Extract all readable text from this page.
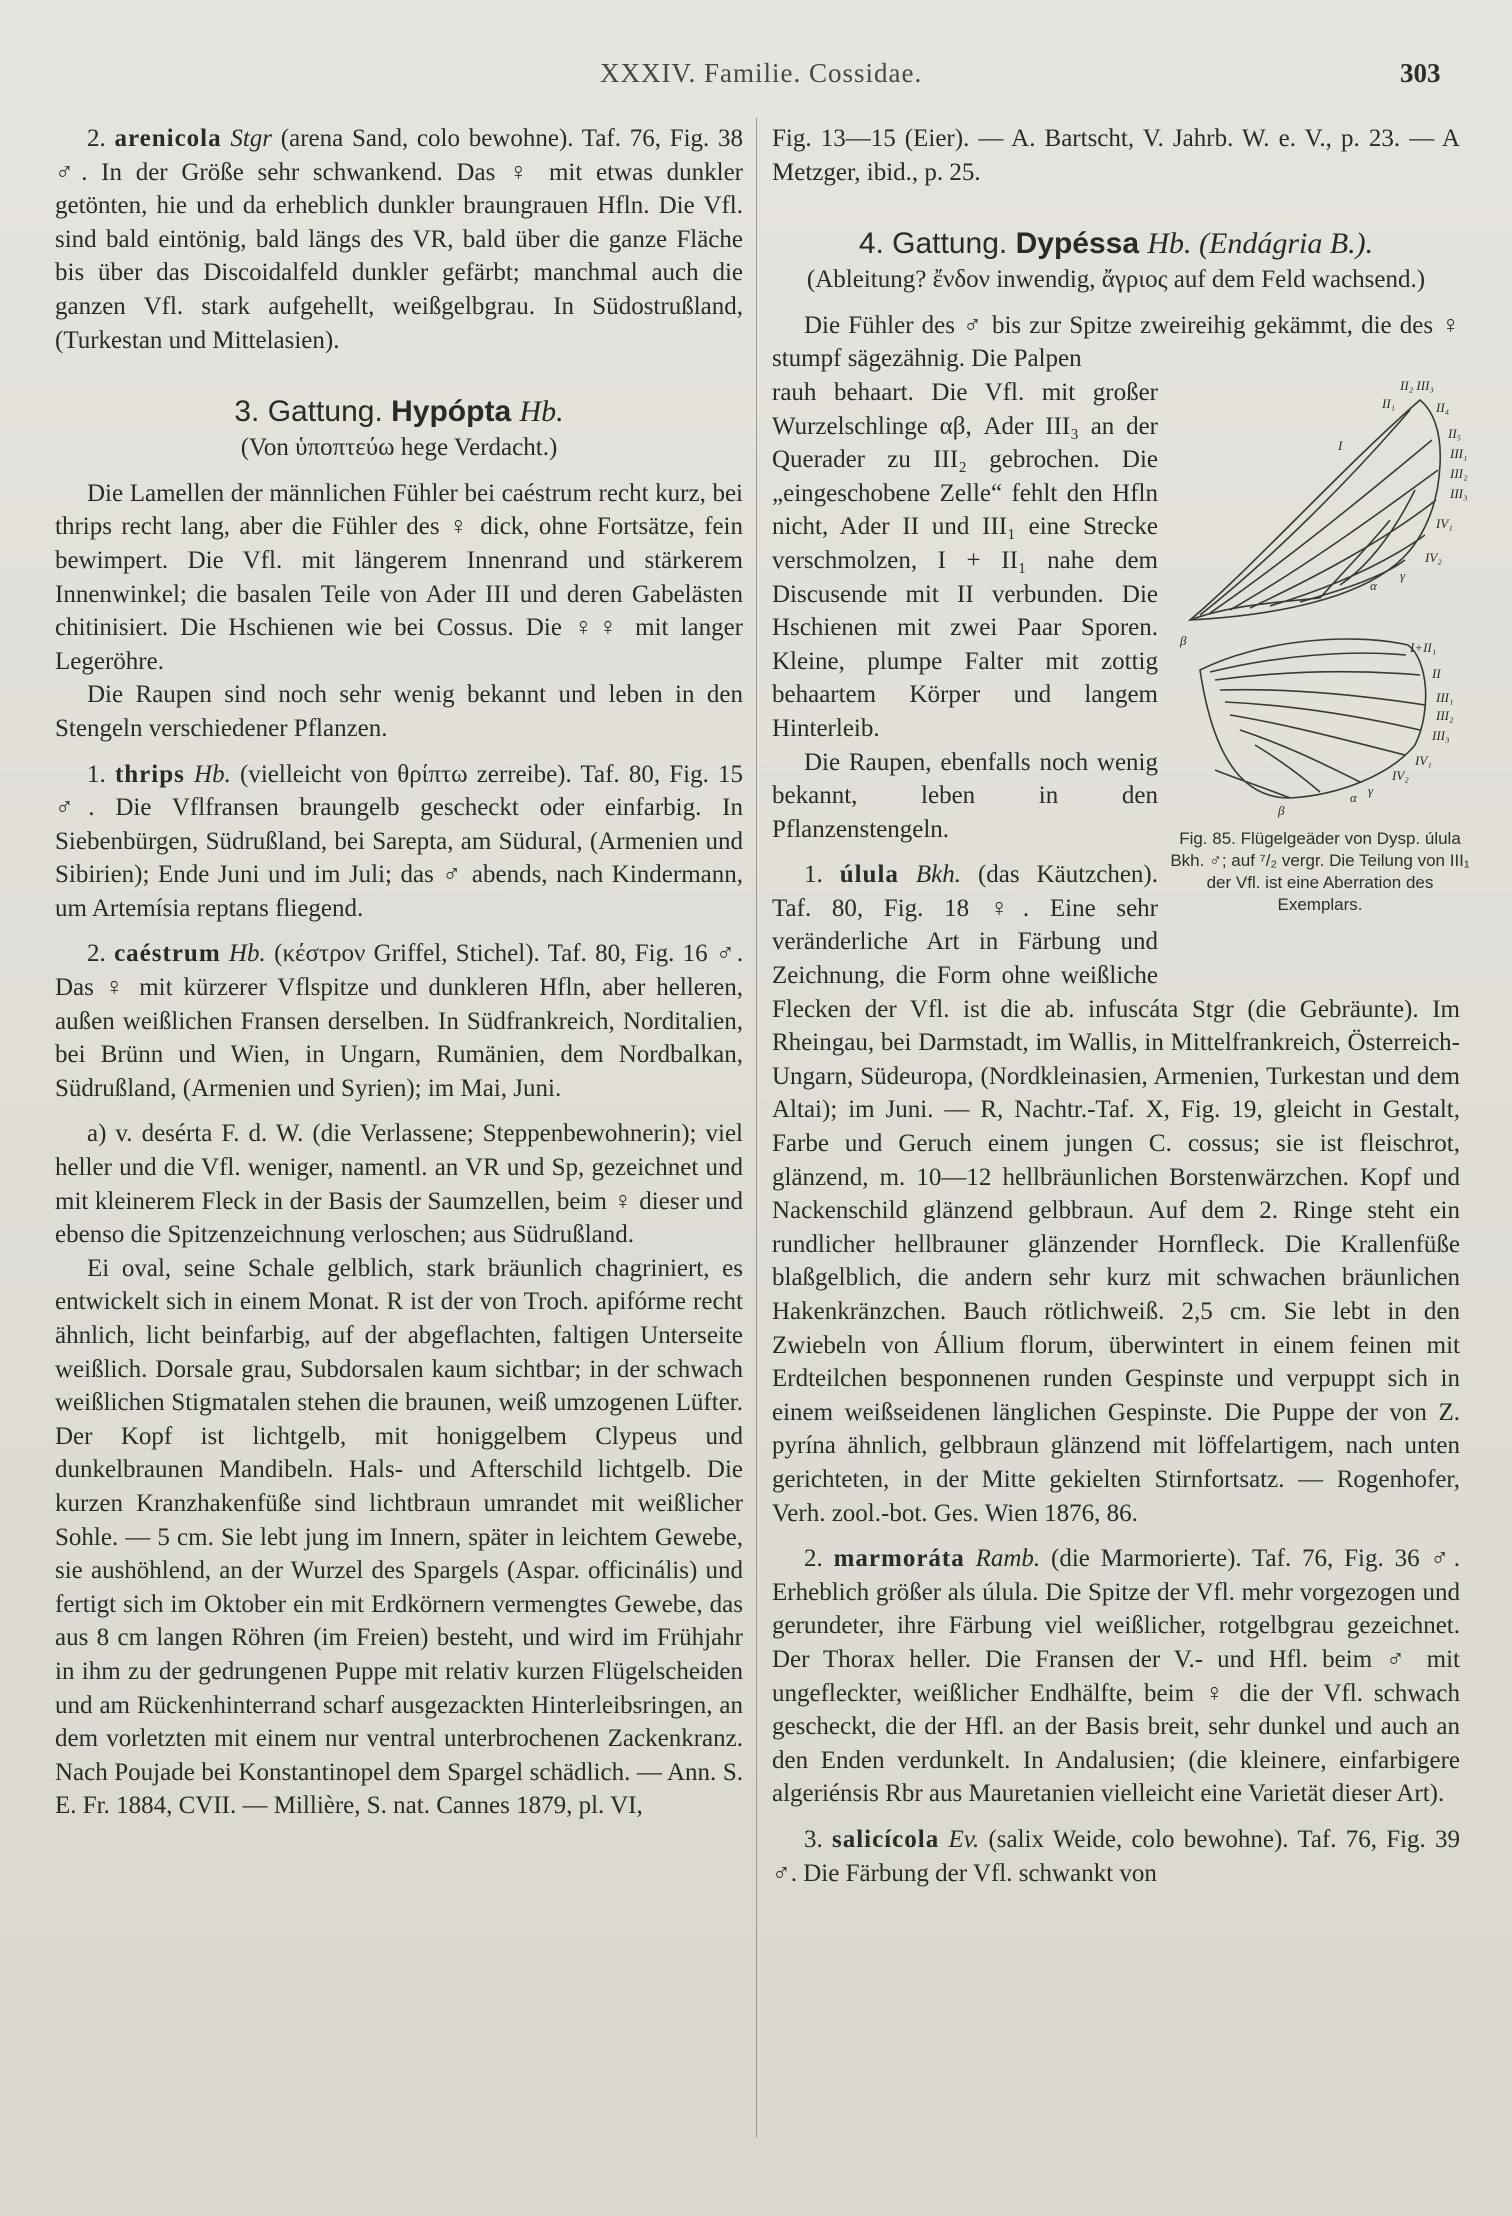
XXXIV. Familie. Cossidae.	303

2. arenicola Stgr (arena Sand, colo bewohne). Taf. 76, Fig. 38 ♂. In der Größe sehr schwankend. Das ♀ mit etwas dunkler getönten, hie und da erheblich dunkler braungrauen Hfln. Die Vfl. sind bald eintönig, bald längs des VR, bald über die ganze Fläche bis über das Discoidalfeld dunkler gefärbt; manchmal auch die ganzen Vfl. stark aufgehellt, weißgelbgrau. In Südostrußland, (Turkestan und Mittelasien).

3. Gattung. Hypópta Hb.

(Von ὑποπτεύω hege Verdacht.)

Die Lamellen der männlichen Fühler bei caéstrum recht kurz, bei thrips recht lang, aber die Fühler des ♀ dick, ohne Fortsätze, fein bewimpert. Die Vfl. mit längerem Innenrand und stärkerem Innenwinkel; die basalen Teile von Ader III und deren Gabelästen chitinisiert. Die Hschienen wie bei Cossus. Die ♀♀ mit langer Legeröhre.

Die Raupen sind noch sehr wenig bekannt und leben in den Stengeln verschiedener Pflanzen.

1. thrips Hb. (vielleicht von θρίπτω zerreibe). Taf. 80, Fig. 15 ♂. Die Vflfransen braungelb gescheckt oder einfarbig. In Siebenbürgen, Südrußland, bei Sarepta, am Südural, (Armenien und Sibirien); Ende Juni und im Juli; das ♂ abends, nach Kindermann, um Artemísia reptans fliegend.

2. caéstrum Hb. (κέστρον Griffel, Stichel). Taf. 80, Fig. 16 ♂. Das ♀ mit kürzerer Vflspitze und dunkleren Hfln, aber helleren, außen weißlichen Fransen derselben. In Südfrankreich, Norditalien, bei Brünn und Wien, in Ungarn, Rumänien, dem Nordbalkan, Südrußland, (Armenien und Syrien); im Mai, Juni.

a) v. desérta F. d. W. (die Verlassene; Steppenbewohnerin); viel heller und die Vfl. weniger, namentl. an VR und Sp, gezeichnet und mit kleinerem Fleck in der Basis der Saumzellen, beim ♀ dieser und ebenso die Spitzenzeichnung verloschen; aus Südrußland.

Ei oval, seine Schale gelblich, stark bräunlich chagriniert, es entwickelt sich in einem Monat. R ist der von Troch. apifórme recht ähnlich, licht beinfarbig, auf der abgeflachten, faltigen Unterseite weißlich. Dorsale grau, Subdorsalen kaum sichtbar; in der schwach weißlichen Stigmatalen stehen die braunen, weiß umzogenen Lüfter. Der Kopf ist lichtgelb, mit honiggelbem Clypeus und dunkelbraunen Mandibeln. Hals- und Afterschild lichtgelb. Die kurzen Kranzhakenfüße sind lichtbraun umrandet mit weißlicher Sohle. — 5 cm. Sie lebt jung im Innern, später in leichtem Gewebe, sie aushöhlend, an der Wurzel des Spargels (Aspar. officinális) und fertigt sich im Oktober ein mit Erdkörnern vermengtes Gewebe, das aus 8 cm langen Röhren (im Freien) besteht, und wird im Frühjahr in ihm zu der gedrungenen Puppe mit relativ kurzen Flügelscheiden und am Rückenhinterrand scharf ausgezackten Hinterleibsringen, an dem vorletzten mit einem nur ventral unterbrochenen Zackenkranz. Nach Poujade bei Konstantinopel dem Spargel schädlich. — Ann. S. E. Fr. 1884, CVII. — Millière, S. nat. Cannes 1879, pl. VI,

Fig. 13—15 (Eier). — A. Bartscht, V. Jahrb. W. e. V., p. 23. — A Metzger, ibid., p. 25.

4. Gattung. Dypéssa Hb. (Endágria B.).

(Ableitung? ἔνδον inwendig, ἄγριος auf dem Feld wachsend.)

Die Fühler des ♂ bis zur Spitze zweireihig gekämmt, die des ♀ stumpf sägezähnig. Die Palpen

II₂ III₃
II₄
II₅
III₁
III₂
III₃
IV₁
IV₂
II₁
I
γ
α
β	I+II₁
II
III₁
III₂
III₃
IV₁
IV₂
α γ
β
Fig. 85. Flügelgeäder von Dysp. úlula Bkh. ♂; auf ⁷/₂ vergr. Die Teilung von III₁ der Vfl. ist eine Aberration des Exemplars.

rauh behaart. Die Vfl. mit großer Wurzelschlinge αβ, Ader III₃ an der Querader zu III₂ gebrochen. Die „eingeschobene Zelle“ fehlt den Hfln nicht, Ader II und III₁ eine Strecke verschmolzen, I + II₁ nahe dem Discusende mit II verbunden. Die Hschienen mit zwei Paar Sporen. Kleine, plumpe Falter mit zottig behaartem Körper und langem Hinterleib.

Die Raupen, ebenfalls noch wenig bekannt, leben in den Pflanzenstengeln.

1. úlula Bkh. (das Käutzchen). Taf. 80, Fig. 18 ♀. Eine sehr veränderliche Art in Färbung und Zeichnung, die Form ohne weißliche Flecken der Vfl. ist die ab. infuscáta Stgr (die Gebräunte). Im Rheingau, bei Darmstadt, im Wallis, in Mittelfrankreich, Österreich-Ungarn, Südeuropa, (Nordkleinasien, Armenien, Turkestan und dem Altai); im Juni. — R, Nachtr.-Taf. X, Fig. 19, gleicht in Gestalt, Farbe und Geruch einem jungen C. cossus; sie ist fleischrot, glänzend, m. 10—12 hellbräunlichen Borstenwärzchen. Kopf und Nackenschild glänzend gelbbraun. Auf dem 2. Ringe steht ein rundlicher hellbrauner glänzender Hornfleck. Die Krallenfüße blaßgelblich, die andern sehr kurz mit schwachen bräunlichen Hakenkränzchen. Bauch rötlichweiß. 2,5 cm. Sie lebt in den Zwiebeln von Állium florum, überwintert in einem feinen mit Erdteilchen besponnenen runden Gespinste und verpuppt sich in einem weißseidenen länglichen Gespinste. Die Puppe der von Z. pyrína ähnlich, gelbbraun glänzend mit löffelartigem, nach unten gerichteten, in der Mitte gekielten Stirnfortsatz. — Rogenhofer, Verh. zool.-bot. Ges. Wien 1876, 86.

2. marmoráta Ramb. (die Marmorierte). Taf. 76, Fig. 36 ♂. Erheblich größer als úlula. Die Spitze der Vfl. mehr vorgezogen und gerundeter, ihre Färbung viel weißlicher, rotgelbgrau gezeichnet. Der Thorax heller. Die Fransen der V.- und Hfl. beim ♂ mit ungefleckter, weißlicher Endhälfte, beim ♀ die der Vfl. schwach gescheckt, die der Hfl. an der Basis breit, sehr dunkel und auch an den Enden verdunkelt. In Andalusien; (die kleinere, einfarbigere algeriénsis Rbr aus Mauretanien vielleicht eine Varietät dieser Art).

3. salicícola Ev. (salix Weide, colo bewohne). Taf. 76, Fig. 39 ♂. Die Färbung der Vfl. schwankt von
